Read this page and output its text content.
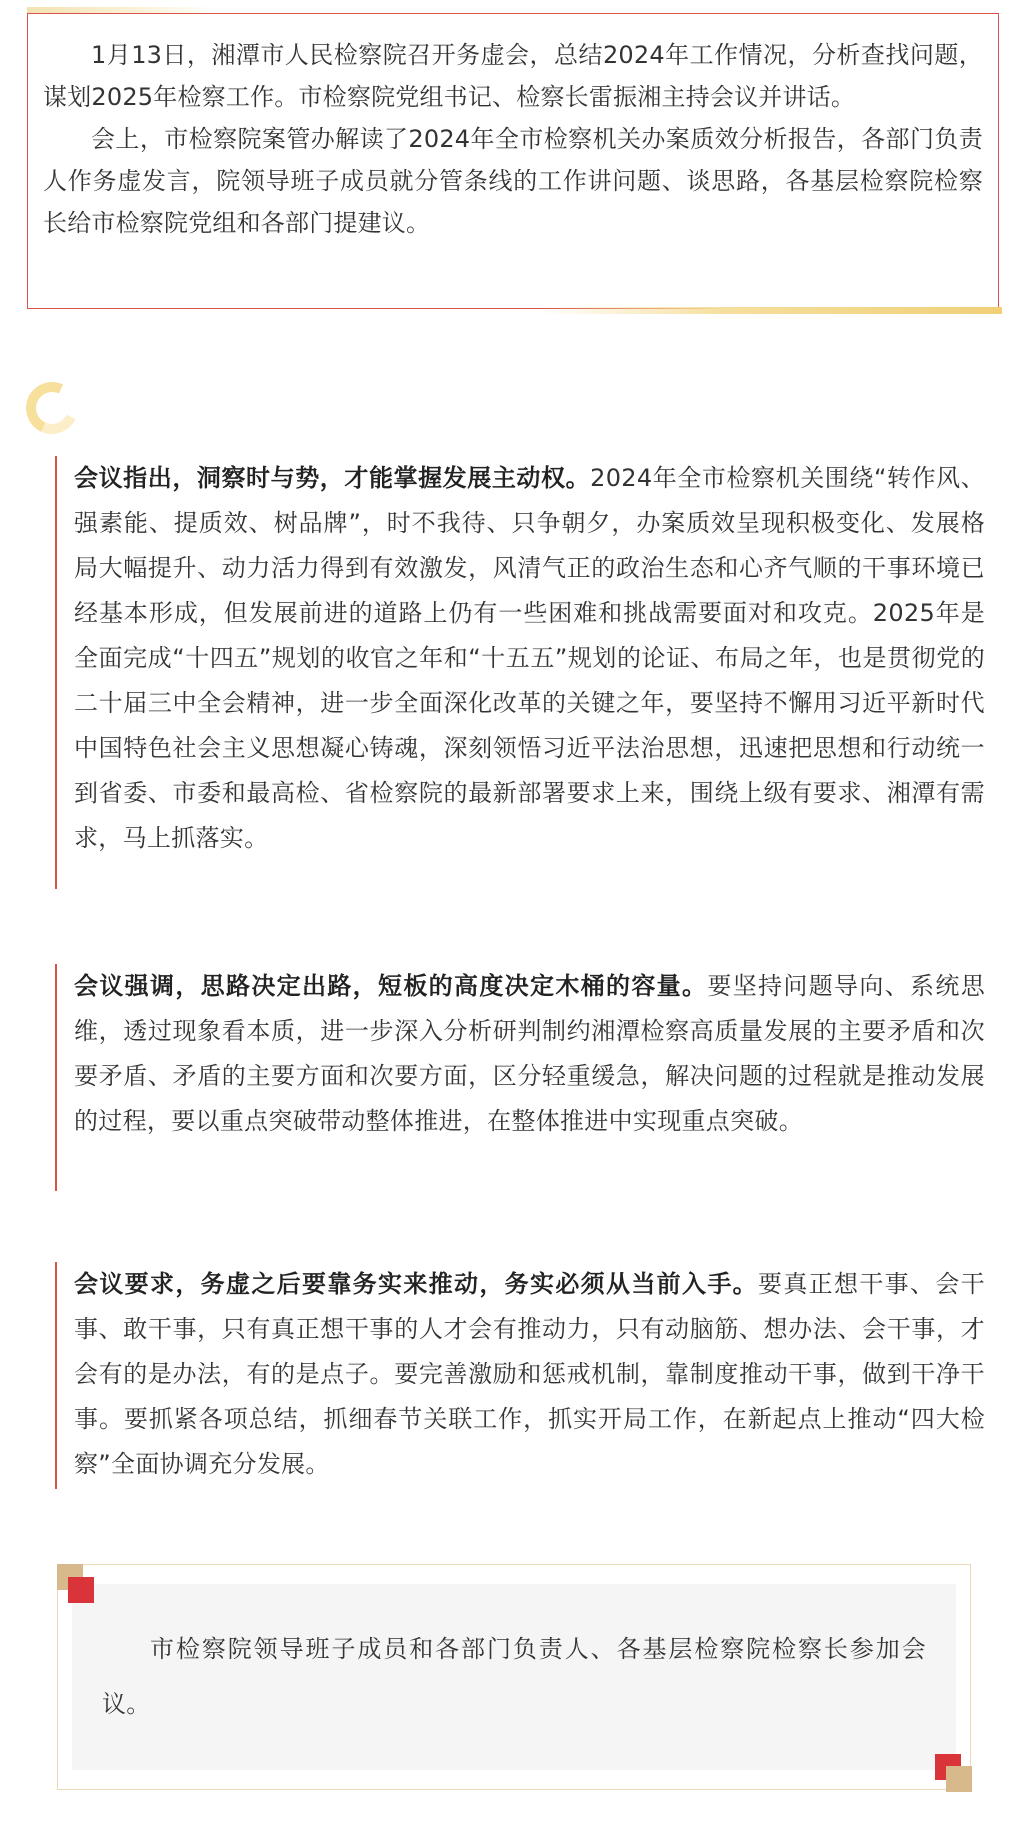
1月13日，湘潭市人民检察院召开务虚会，总结2024年工作情况，分析查找问题，谋划2025年检察工作。市检察院党组书记、检察长雷振湘主持会议并讲话。

会上，市检察院案管办解读了2024年全市检察机关办案质效分析报告，各部门负责人作务虚发言，院领导班子成员就分管条线的工作讲问题、谈思路，各基层检察院检察长给市检察院党组和各部门提建议。

会议指出，洞察时与势，才能掌握发展主动权。2024年全市检察机关围绕“转作风、强素能、提质效、树品牌”，时不我待、只争朝夕，办案质效呈现积极变化、发展格局大幅提升、动力活力得到有效激发，风清气正的政治生态和心齐气顺的干事环境已经基本形成，但发展前进的道路上仍有一些困难和挑战需要面对和攻克。2025年是全面完成“十四五”规划的收官之年和“十五五”规划的论证、布局之年，也是贯彻党的二十届三中全会精神，进一步全面深化改革的关键之年，要坚持不懈用习近平新时代中国特色社会主义思想凝心铸魂，深刻领悟习近平法治思想，迅速把思想和行动统一到省委、市委和最高检、省检察院的最新部署要求上来，围绕上级有要求、湘潭有需求，马上抓落实。

会议强调，思路决定出路，短板的高度决定木桶的容量。要坚持问题导向、系统思维，透过现象看本质，进一步深入分析研判制约湘潭检察高质量发展的主要矛盾和次要矛盾、矛盾的主要方面和次要方面，区分轻重缓急，解决问题的过程就是推动发展的过程，要以重点突破带动整体推进，在整体推进中实现重点突破。

会议要求，务虚之后要靠务实来推动，务实必须从当前入手。要真正想干事、会干事、敢干事，只有真正想干事的人才会有推动力，只有动脑筋、想办法、会干事，才会有的是办法，有的是点子。要完善激励和惩戒机制，靠制度推动干事，做到干净干事。要抓紧各项总结，抓细春节关联工作，抓实开局工作，在新起点上推动“四大检察”全面协调充分发展。

市检察院领导班子成员和各部门负责人、各基层检察院检察长参加会议。
